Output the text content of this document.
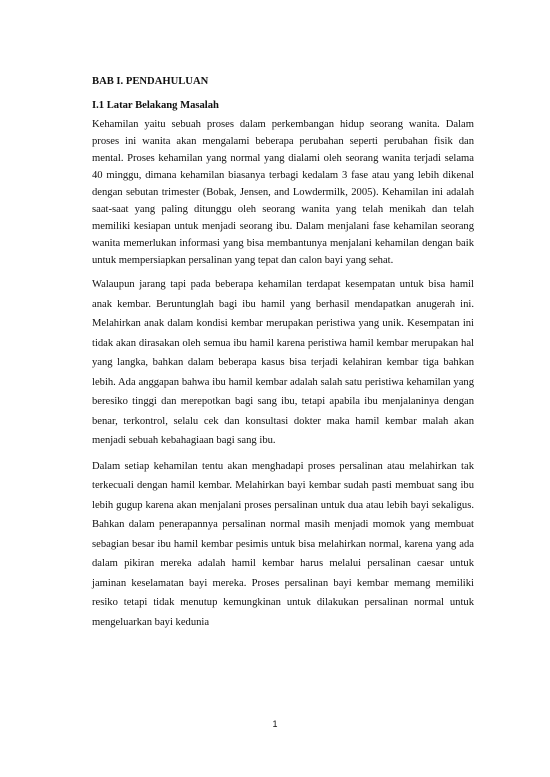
BAB I. PENDAHULUAN
I.1 Latar Belakang Masalah

Kehamilan yaitu sebuah proses dalam perkembangan hidup seorang wanita. Dalam proses ini wanita akan mengalami beberapa perubahan seperti perubahan fisik dan mental. Proses kehamilan yang normal yang dialami oleh seorang wanita terjadi selama 40 minggu, dimana kehamilan biasanya terbagi kedalam 3 fase atau yang lebih dikenal dengan sebutan trimester (Bobak, Jensen, and Lowdermilk, 2005). Kehamilan ini adalah saat-saat yang paling ditunggu oleh seorang wanita yang telah menikah dan telah memiliki kesiapan untuk menjadi seorang ibu. Dalam menjalani fase kehamilan seorang wanita memerlukan informasi yang bisa membantunya menjalani kehamilan dengan baik untuk mempersiapkan persalinan yang tepat dan calon bayi yang sehat.

Walaupun jarang tapi pada beberapa kehamilan terdapat kesempatan untuk bisa hamil anak kembar. Beruntunglah bagi ibu hamil yang berhasil mendapatkan anugerah ini. Melahirkan anak dalam kondisi kembar merupakan peristiwa yang unik. Kesempatan ini tidak akan dirasakan oleh semua ibu hamil karena peristiwa hamil kembar merupakan hal yang langka, bahkan dalam beberapa kasus bisa terjadi kelahiran kembar tiga bahkan lebih. Ada anggapan bahwa ibu hamil kembar adalah salah satu peristiwa kehamilan yang beresiko tinggi dan merepotkan bagi sang ibu, tetapi apabila ibu menjalaninya dengan benar, terkontrol, selalu cek dan konsultasi dokter maka hamil kembar malah akan menjadi sebuah kebahagiaan bagi sang ibu.

Dalam setiap kehamilan tentu akan menghadapi proses persalinan atau melahirkan tak terkecuali dengan hamil kembar. Melahirkan bayi kembar sudah pasti membuat sang ibu lebih gugup karena akan menjalani proses persalinan untuk dua atau lebih bayi sekaligus. Bahkan dalam penerapannya persalinan normal masih menjadi momok yang membuat sebagian besar ibu hamil kembar pesimis untuk bisa melahirkan normal, karena yang ada dalam pikiran mereka adalah hamil kembar harus melalui persalinan caesar untuk jaminan keselamatan bayi mereka. Proses persalinan bayi kembar memang memiliki resiko tetapi tidak menutup kemungkinan untuk dilakukan persalinan normal untuk mengeluarkan bayi kedunia

1
